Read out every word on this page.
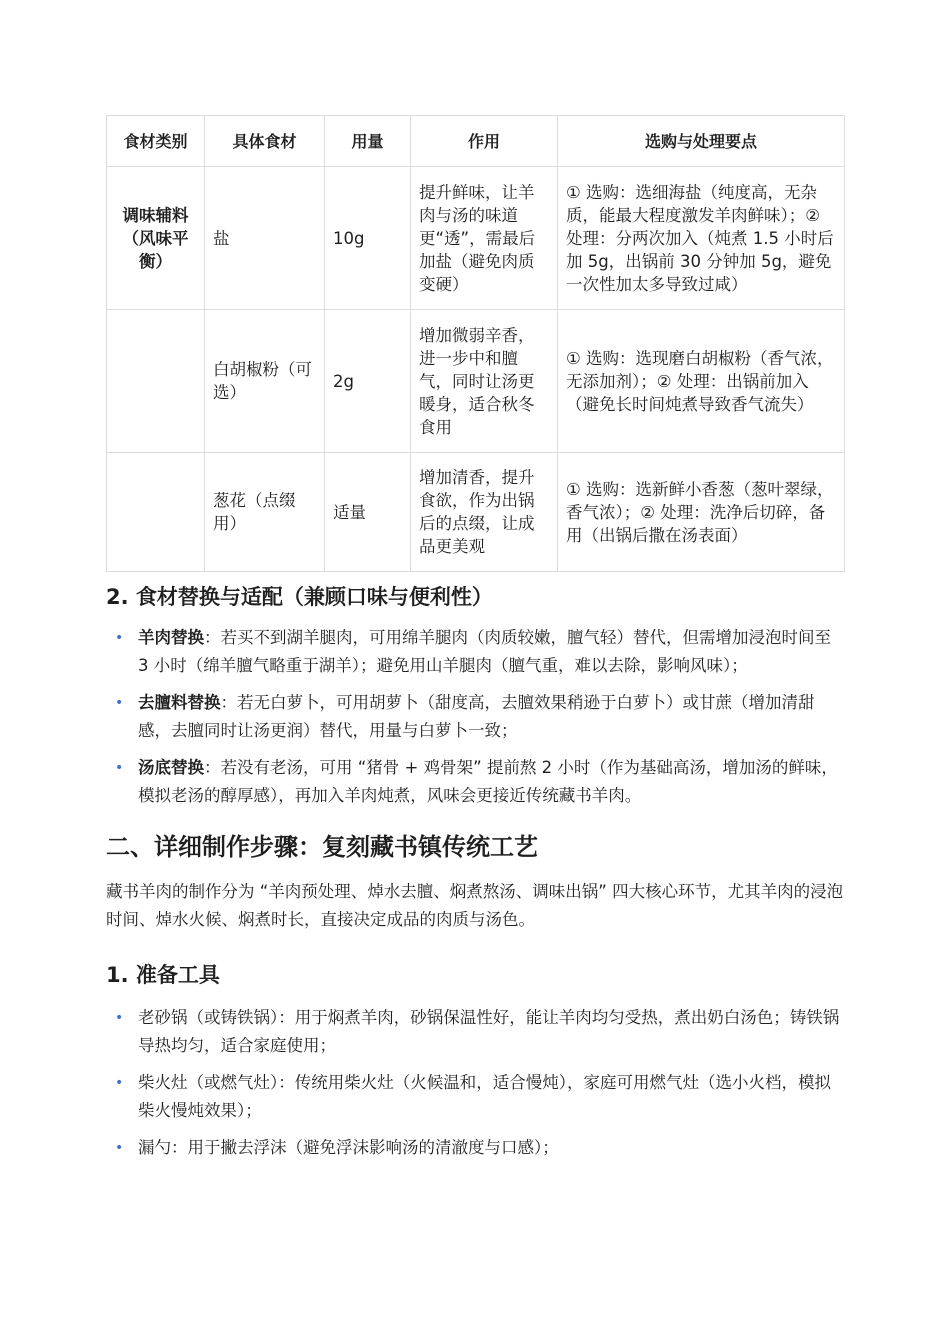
食材类别	具体食材	用量	作用	选购与处理要点
调味辅料（风味平衡）	盐	10g	提升鲜味，让羊肉与汤的味道更“透”，需最后加盐（避免肉质变硬）	① 选购：选细海盐（纯度高，无杂质，能最大程度激发羊肉鲜味）；② 处理：分两次加入（炖煮 1.5 小时后加 5g，出锅前 30 分钟加 5g，避免一次性加太多导致过咸）
	白胡椒粉（可选）	2g	增加微弱辛香，进一步中和膻气，同时让汤更暖身，适合秋冬食用	① 选购：选现磨白胡椒粉（香气浓，无添加剂）；② 处理：出锅前加入（避免长时间炖煮导致香气流失）
	葱花（点缀用）	适量	增加清香，提升食欲，作为出锅后的点缀，让成品更美观	① 选购：选新鲜小香葱（葱叶翠绿，香气浓）；② 处理：洗净后切碎，备用（出锅后撒在汤表面）
2. 食材替换与适配（兼顾口味与便利性）
• 羊肉替换：若买不到湖羊腿肉，可用绵羊腿肉（肉质较嫩，膻气轻）替代，但需增加浸泡时间至 3 小时（绵羊膻气略重于湖羊）；避免用山羊腿肉（膻气重，难以去除，影响风味）；
• 去膻料替换：若无白萝卜，可用胡萝卜（甜度高，去膻效果稍逊于白萝卜）或甘蔗（增加清甜感，去膻同时让汤更润）替代，用量与白萝卜一致；
• 汤底替换：若没有老汤，可用 “猪骨 + 鸡骨架” 提前熬 2 小时（作为基础高汤，增加汤的鲜味，模拟老汤的醇厚感），再加入羊肉炖煮，风味会更接近传统藏书羊肉。
二、详细制作步骤：复刻藏书镇传统工艺

藏书羊肉的制作分为 “羊肉预处理、焯水去膻、焖煮熬汤、调味出锅” 四大核心环节，尤其羊肉的浸泡时间、焯水火候、焖煮时长，直接决定成品的肉质与汤色。

1. 准备工具
• 老砂锅（或铸铁锅）：用于焖煮羊肉，砂锅保温性好，能让羊肉均匀受热，煮出奶白汤色；铸铁锅导热均匀，适合家庭使用；
• 柴火灶（或燃气灶）：传统用柴火灶（火候温和，适合慢炖），家庭可用燃气灶（选小火档，模拟柴火慢炖效果）；
• 漏勺：用于撇去浮沫（避免浮沫影响汤的清澈度与口感）；
